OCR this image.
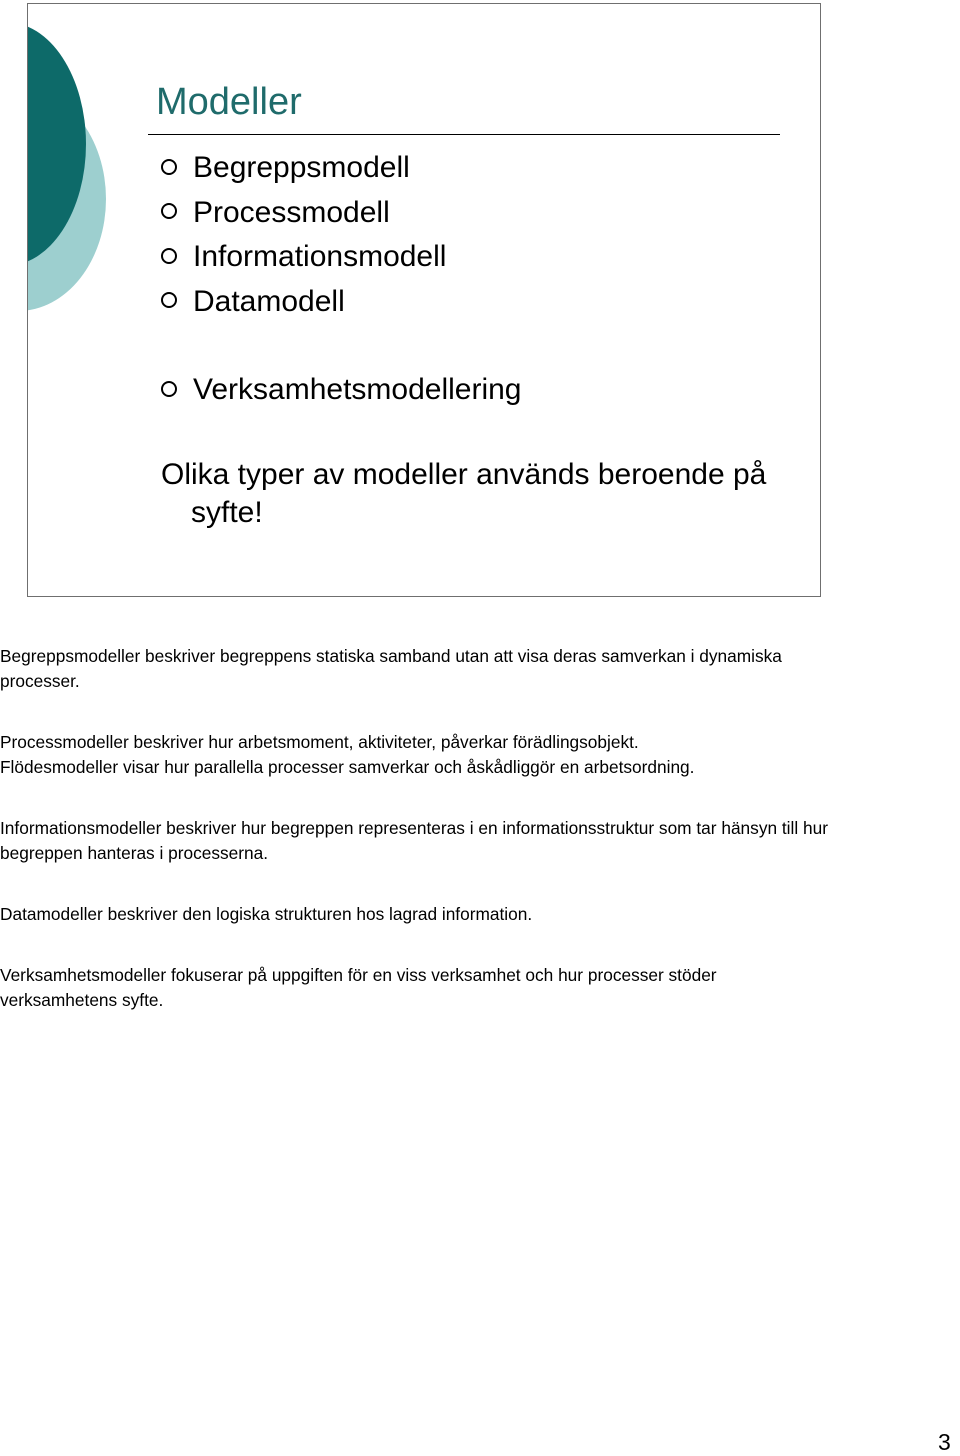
Modeller
Begreppsmodell
Processmodell
Informationsmodell
Datamodell
Verksamhetsmodellering

Olika typer av modeller används beroende på syfte!

Begreppsmodeller beskriver begreppens statiska samband utan att visa deras samverkan i dynamiska processer.

Processmodeller beskriver hur arbetsmoment, aktiviteter, påverkar förädlingsobjekt.

Flödesmodeller visar hur parallella processer samverkar och åskådliggör en arbetsordning.

Informationsmodeller beskriver hur begreppen representeras i en informationsstruktur som tar hänsyn till hur begreppen hanteras i processerna.

Datamodeller beskriver den logiska strukturen hos lagrad information.

Verksamhetsmodeller fokuserar på uppgiften för en viss verksamhet och hur processer stöder verksamhetens syfte.

3
